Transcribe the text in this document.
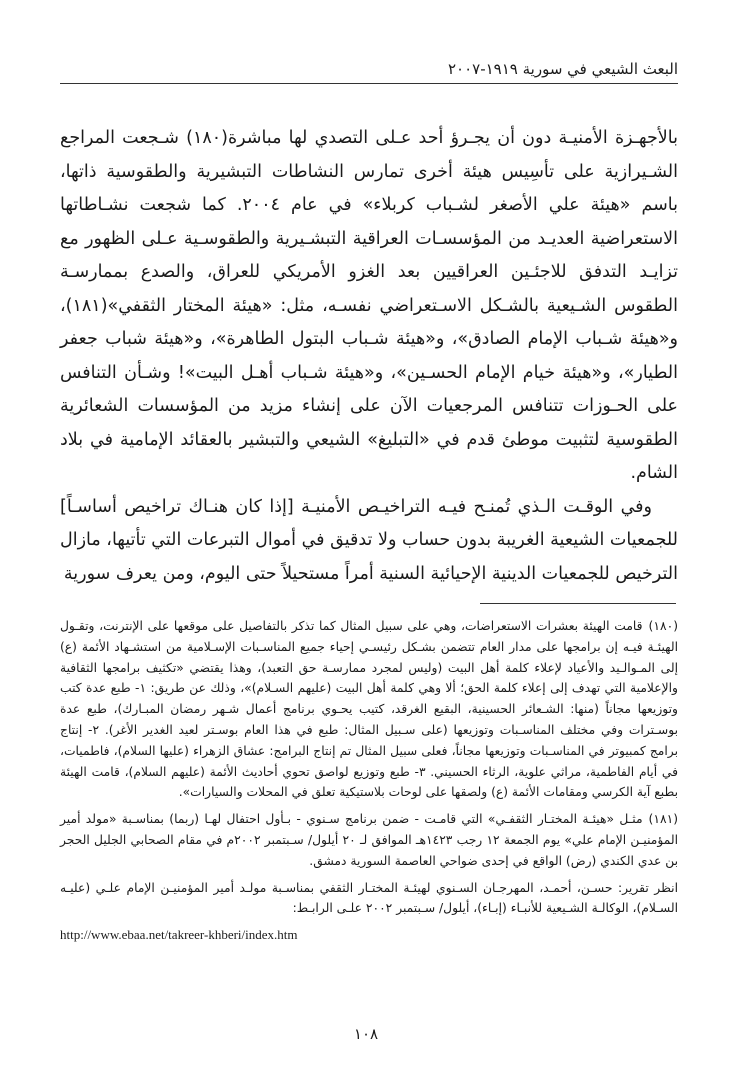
البعث الشيعي في سورية ١٩١٩-٢٠٠٧

بالأجهـزة الأمنيـة دون أن يجـرؤ أحد عـلى التصدي لها مباشرة(١٨٠) شـجعت المراجع الشـيرازية على تأسِيس هيئة أخرى تمارس النشاطات التبشيرية والطقوسية ذاتها، باسم «هيئة علي الأصغر لشـباب كربلاء» في عام ٢٠٠٤. كما شجعت نشـاطاتها الاستعراضية العديـد من المؤسسـات العراقية التبشـيرية والطقوسـية عـلى الظهور مع تزايـد التدفق للاجئـين العراقيين بعد الغزو الأمريكي للعراق، والصدع بممارسـة الطقوس الشـيعية بالشـكل الاسـتعراضي نفسـه، مثل: «هيئة المختار الثقفي»(١٨١)، و«هيئة شـباب الإمام الصادق»، و«هيئة شـباب البتول الطاهرة»، و«هيئة شباب جعفر الطيار»، و«هيئة خيام الإمام الحسـين»، و«هيئة شـباب أهـل البيت»! وشـأن التنافس على الحـوزات تتنافس المرجعيات الآن على إنشاء مزيد من المؤسسات الشعائرية الطقوسية لتثبيت موطئ قدم في «التبليغ» الشيعي والتبشير بالعقائد الإمامية في بلاد الشام.

وفي الوقـت الـذي تُمنـح فيـه التراخيـص الأمنيـة [إذا كان هنـاك تراخيص أساسـاً] للجمعيات الشيعية الغريبة بدون حساب ولا تدقيق في أموال التبرعات التي تأتيها، مازال الترخيص للجمعيات الدينية الإحيائية السنية أمراً مستحيلاً حتى اليوم، ومن يعرف سورية

(١٨٠)قامت الهيئة بعشرات الاستعراضات، وهي على سبيل المثال كما تذكر بالتفاصيل على موقعها على الإنترنت، وتقـول الهيئـة فيـه إن برامجها على مدار العام تتضمن بشـكل رئيسـي إحياء جميع المناسـبات الإسـلامية من استشـهاد الأئمة (ع) إلى المـوالـيد والأعياد لإعلاء كلمة أهل البيت (وليس لمجرد ممارسـة حق التعبد)، وهذا يقتضي «تكثيف برامجها الثقافية والإعلامية التي تهدف إلى إعلاء كلمة الحق؛ ألا وهي كلمة أهل البيت (عليهم السـلام)»، وذلك عن طريق: ١- طبع عدة كتب وتوزيعها مجاناً (منها: الشـعائر الحسينية، البقيع الغرقد، كتيب يحـوي برنامج أعمال شـهر رمضان المبـارك)، طبع عدة بوسـترات وفي مختلف المناسـبات وتوزيعها (على سـبيل المثال: طبع في هذا العام بوسـتر لعيد الغدير الأغر). ٢- إنتاج برامج كمبيوتر في المناسـبات وتوزيعها مجاناً، فعلى سبيل المثال تم إنتاج البرامج: عشاق الزهراء (عليها السلام)، فاطميات، في أيام الفاطمية، مراثي علوية، الرثاء الحسيني. ٣- طبع وتوزيع لواصق تحوي أحاديث الأئمة (عليهم السلام)، قامت الهيئة بطبع آية الكرسي ومقامات الأئمة (ع) ولصقها على لوحات بلاستيكية تعلق في المحلات والسيارات».

(١٨١)مثـل «هيئـة المختـار الثقفـي» التي قامـت - ضمن برنامج سـنوي - بـأول احتفال لهـا (ربما) بمناسـبة «مولد أمير المؤمنيـن الإمام علي» يوم الجمعة ١٢ رجب ١٤٢٣هـ الموافق لـ ٢٠ أيلول/ سـبتمبر ٢٠٠٢م في مقام الصحابي الجليل الحجر بن عدي الكندي (رض) الواقع في إحدى ضواحي العاصمة السورية دمشق.

انظر تقرير: حسـن، أحمـد، المهرجـان السـنوي لهيئـة المختـار الثقفي بمناسـبة مولـد أمير المؤمنيـن الإمام علـي (عليـه السـلام)، الوكالـة الشـيعية للأنبـاء (إبـاء)، أيلول/ سـبتمبر ٢٠٠٢ علـى الرابـط:

http://www.ebaa.net/takreer-khberi/index.htm

١٠٨
